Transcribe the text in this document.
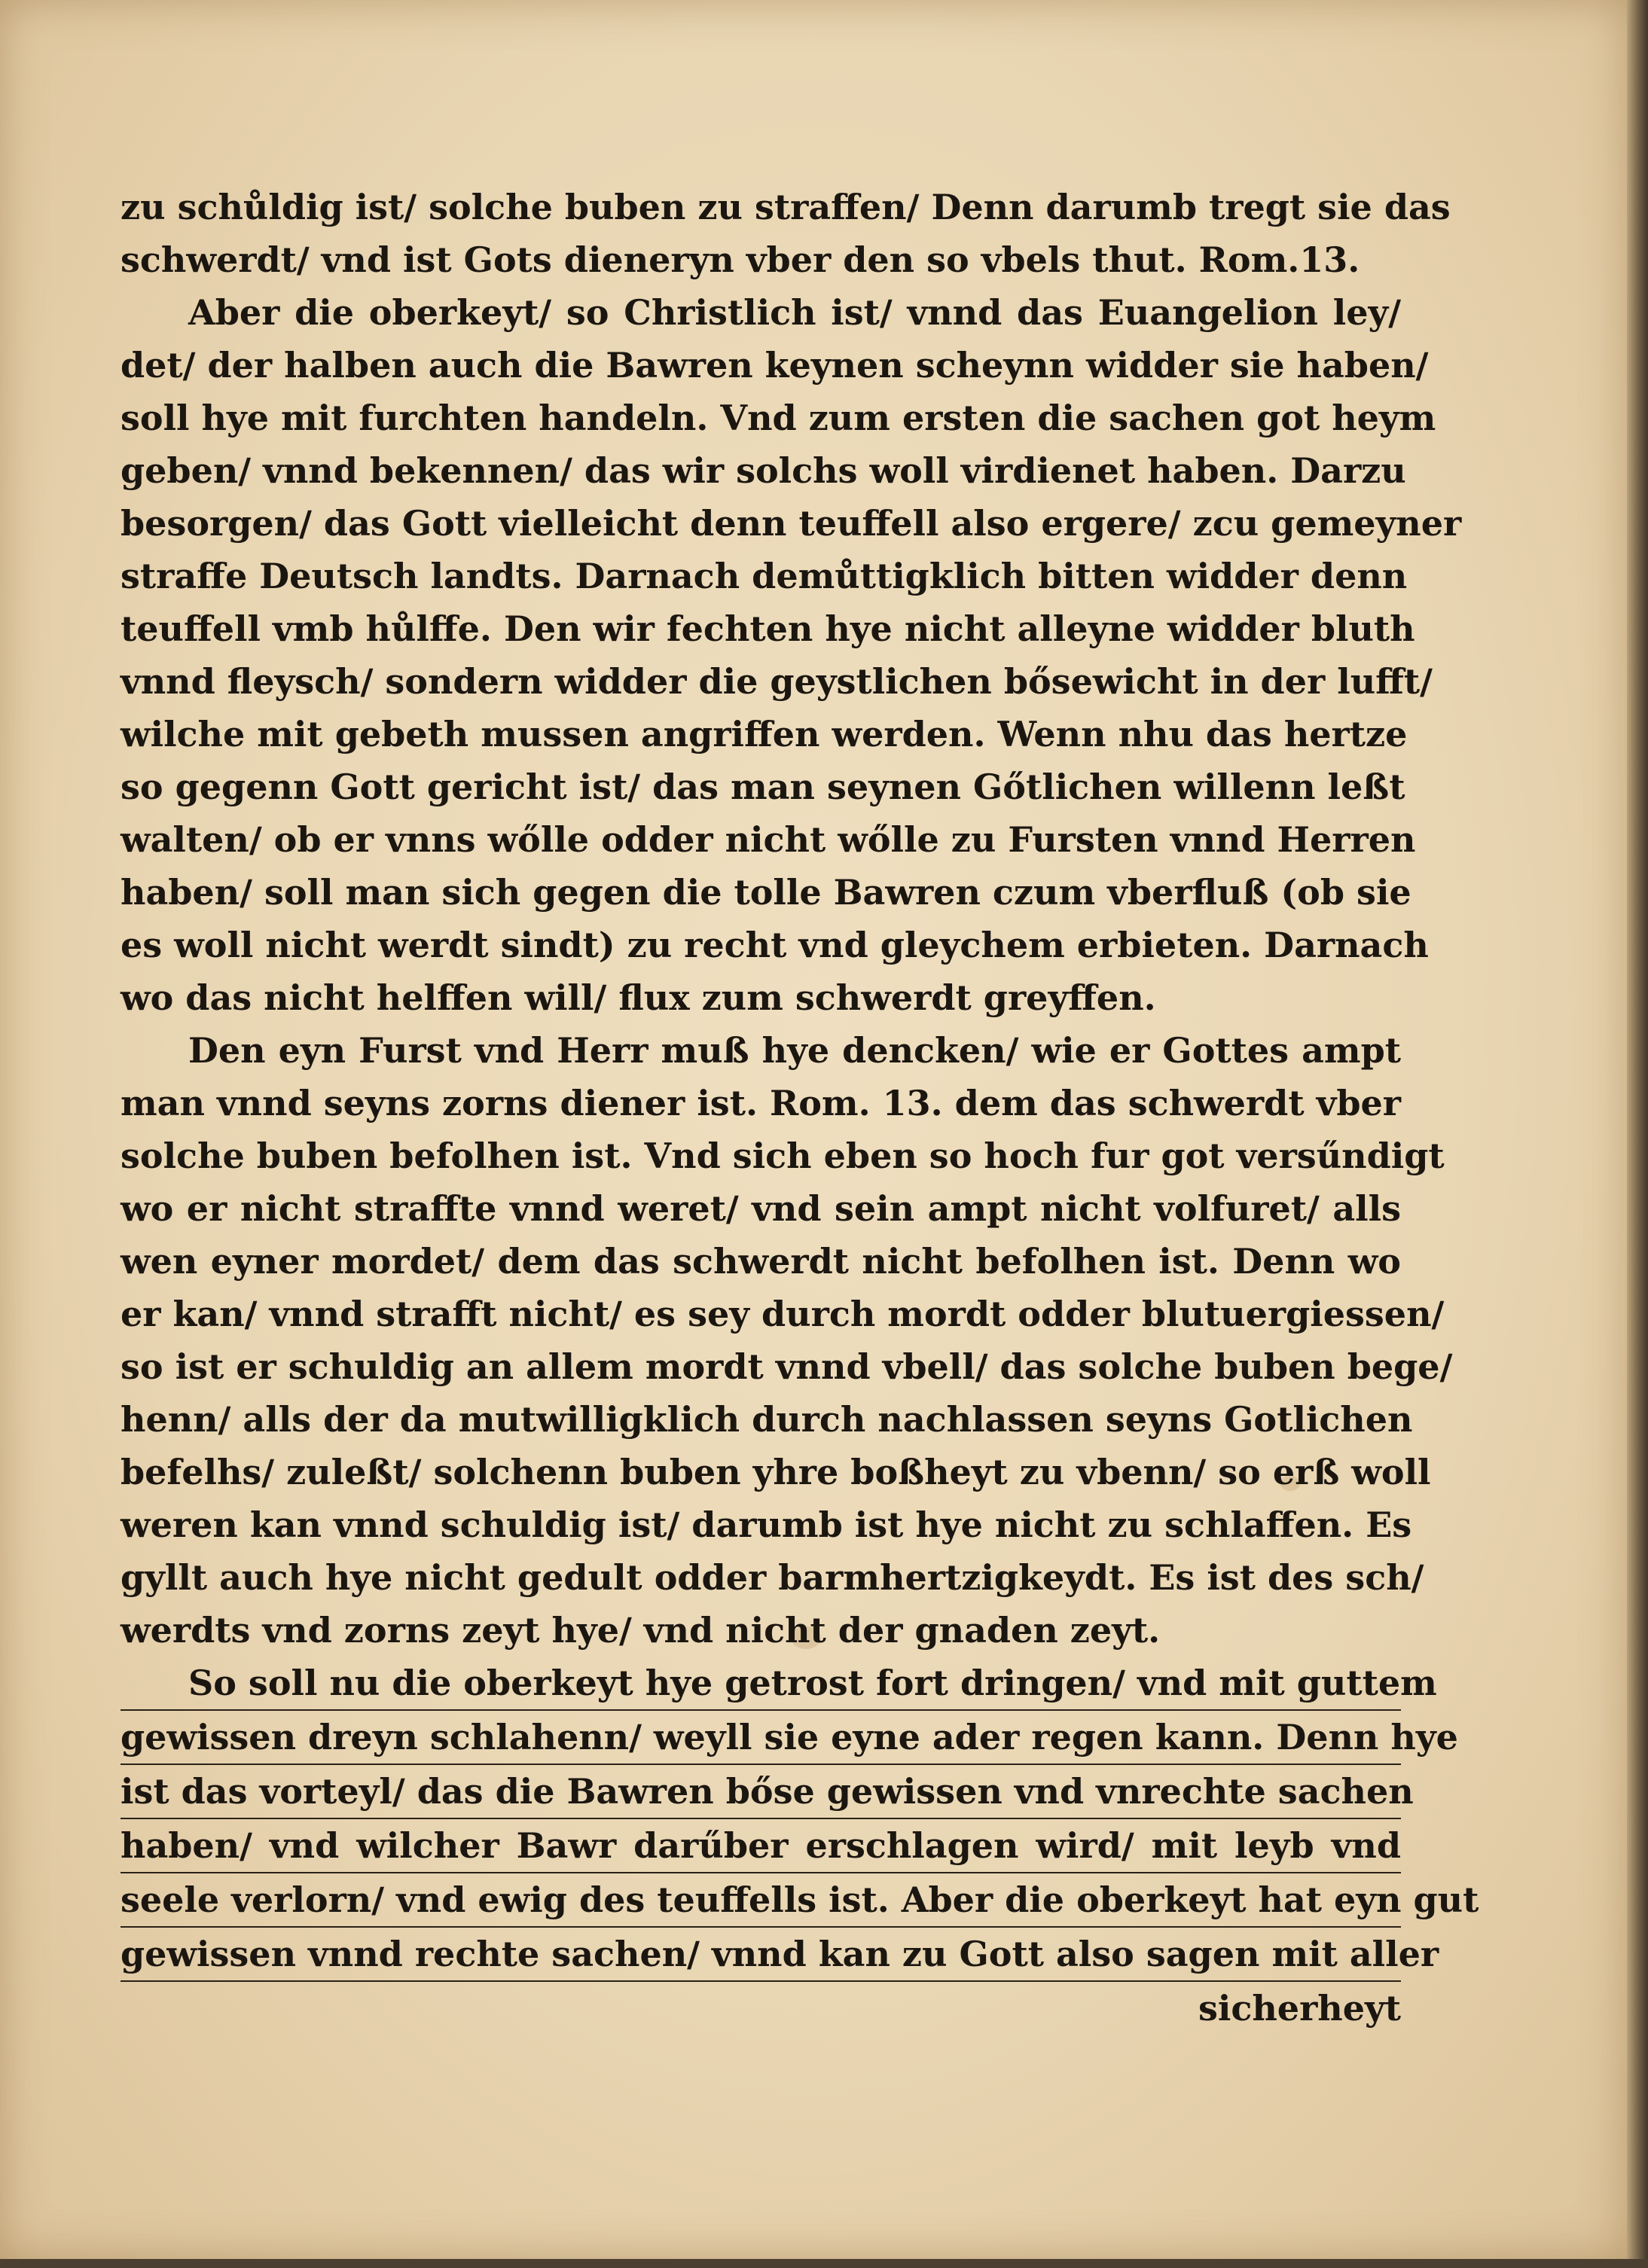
zu schůldig ist/ solche buben zu straffen/ Denn darumb tregt sie das
schwerdt/ vnd ist Gots dieneryn vber den so vbels thut. Rom.13.
Aber die oberkeyt/ so Christlich ist/ vnnd das Euangelion ley/
det/ der halben auch die Bawren keynen scheynn widder sie haben/
soll hye mit furchten handeln. Vnd zum ersten die sachen got heym
geben/ vnnd bekennen/ das wir solchs woll virdienet haben. Darzu
besorgen/ das Gott vielleicht denn teuffell also ergere/ zcu gemeyner
straffe Deutsch landts. Darnach demůttigklich bitten widder denn
teuffell vmb hůlffe. Den wir fechten hye nicht alleyne widder bluth
vnnd fleysch/ sondern widder die geystlichen bősewicht in der lufft/
wilche mit gebeth mussen angriffen werden. Wenn nhu das hertze
so gegenn Gott gericht ist/ das man seynen Gőtlichen willenn leßt
walten/ ob er vnns wőlle odder nicht wőlle zu Fursten vnnd Herren
haben/ soll man sich gegen die tolle Bawren czum vberfluß (ob sie
es woll nicht werdt sindt) zu recht vnd gleychem erbieten. Darnach
wo das nicht helffen will/ flux zum schwerdt greyffen.
Den eyn Furst vnd Herr muß hye dencken/ wie er Gottes ampt
man vnnd seyns zorns diener ist. Rom. 13. dem das schwerdt vber
solche buben befolhen ist. Vnd sich eben so hoch fur got versűndigt
wo er nicht straffte vnnd weret/ vnd sein ampt nicht volfuret/ alls
wen eyner mordet/ dem das schwerdt nicht befolhen ist. Denn wo
er kan/ vnnd strafft nicht/ es sey durch mordt odder blutuergiessen/
so ist er schuldig an allem mordt vnnd vbell/ das solche buben bege/
henn/ alls der da mutwilligklich durch nachlassen seyns Gotlichen
befelhs/ zuleßt/ solchenn buben yhre boßheyt zu vbenn/ so erß woll
weren kan vnnd schuldig ist/ darumb ist hye nicht zu schlaffen. Es
gyllt auch hye nicht gedult odder barmhertzigkeydt. Es ist des sch/
werdts vnd zorns zeyt hye/ vnd nicht der gnaden zeyt.
So soll nu die oberkeyt hye getrost fort dringen/ vnd mit guttem
gewissen dreyn schlahenn/ weyll sie eyne ader regen kann. Denn hye
ist das vorteyl/ das die Bawren bőse gewissen vnd vnrechte sachen
haben/ vnd wilcher Bawr darűber erschlagen wird/ mit leyb vnd
seele verlorn/ vnd ewig des teuffells ist. Aber die oberkeyt hat eyn gut
gewissen vnnd rechte sachen/ vnnd kan zu Gott also sagen mit aller
sicherheyt
